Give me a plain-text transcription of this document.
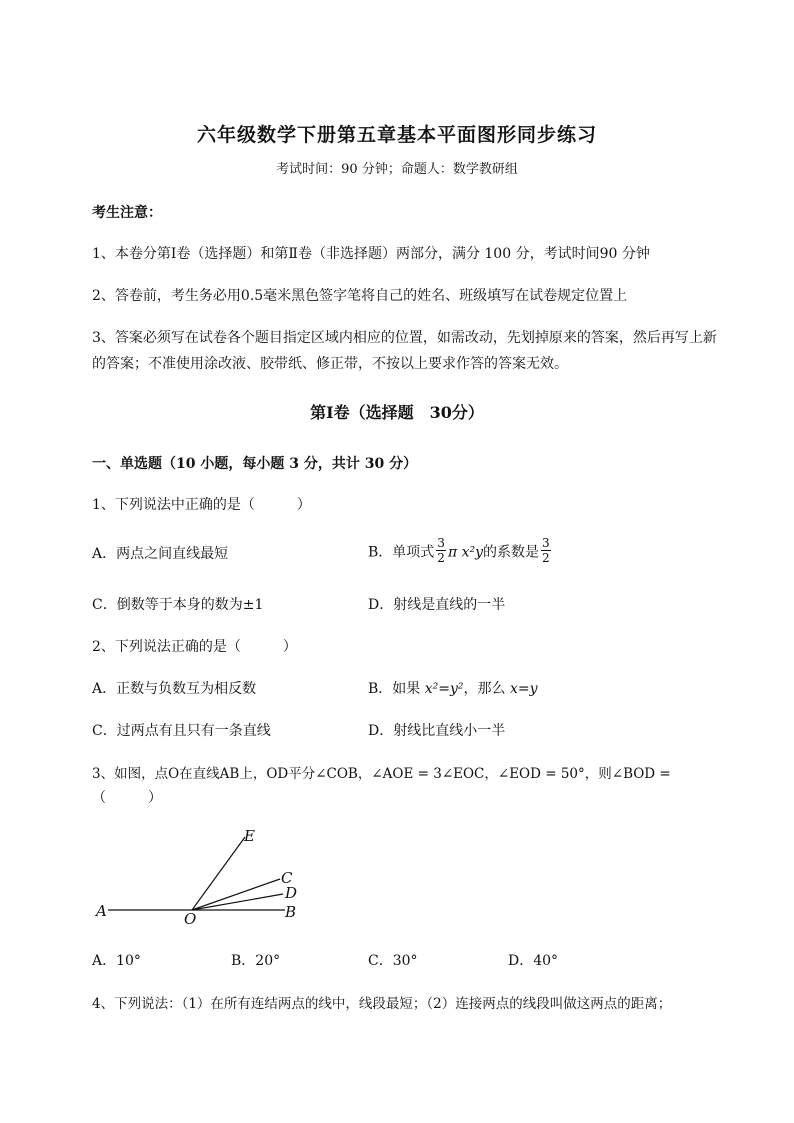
六年级数学下册第五章基本平面图形同步练习
考试时间：90 分钟；命题人：数学教研组
考生注意：
1、本卷分第Ⅰ卷（选择题）和第Ⅱ卷（非选择题）两部分，满分 100 分，考试时间90 分钟
2、答卷前，考生务必用0.5毫米黑色签字笔将自己的姓名、班级填写在试卷规定位置上
3、答案必须写在试卷各个题目指定区域内相应的位置，如需改动，先划掉原来的答案，然后再写上新
的答案；不准使用涂改液、胶带纸、修正带，不按以上要求作答的答案无效。
第Ⅰ卷（选择题　30分）
一、单选题（10 小题，每小题 3 分，共计 30 分）
1、下列说法中正确的是（　　　）
A．两点之间直线最短	B．单项式 $\frac{3}{2}$ π x²y的系数是 $\frac{3}{2}$
C．倒数等于本身的数为±1	D．射线是直线的一半
2、下列说法正确的是（　　　）
A．正数与负数互为相反数	B．如果 x²=y²，那么 x=y
C．过两点有且只有一条直线	D．射线比直线小一半
3、如图，点O在直线AB上，OD平分∠COB，∠AOE = 3∠EOC，∠EOD = 50°，则∠BOD =
（　　　）
A	O	B
C
D
E
A．10°	B．20°	C．30°	D．40°
4、下列说法：（1）在所有连结两点的线中，线段最短；（2）连接两点的线段叫做这两点的距离；
